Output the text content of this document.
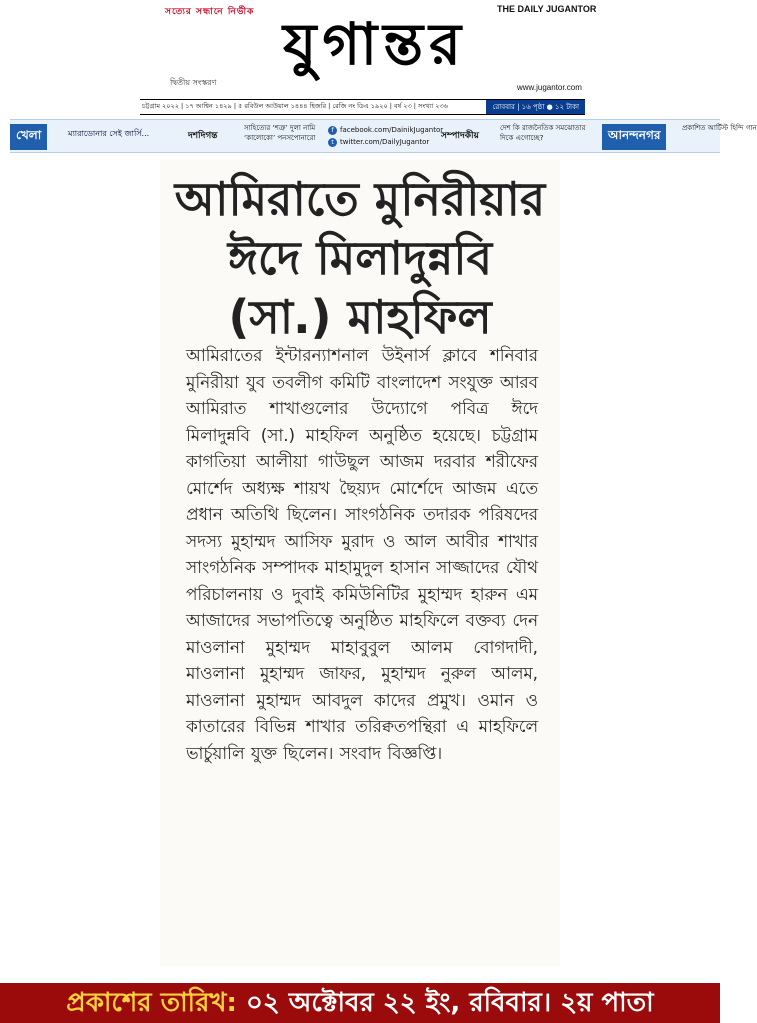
সত্যের সন্ধানে নির্ভীক	THE DAILY JUGANTOR
যুগান্তর
দ্বিতীয় সংস্করণ
www.jugantor.com
চট্টগ্রাম ২০২২ | ১৭ আশ্বিন ১৪২৯ | ৫ রবিউল আউয়াল ১৪৪৪ হিজরি | রেজি নং ডিএ ১৯২০ | বর্ষ ২৩ | সংখ্যা ২৩৬	রোববার | ১৬ পৃষ্ঠা ● ১২ টাকা
খেলা	ম্যারাডোনার সেই জার্সি...	দশদিগন্ত
সাহিত্যের ‘শত্রু’ দুলা নামি ‘কালোকো’ পনসপোনারো
f facebook.com/DainikJugantor
t twitter.com/DailyJugantor
সম্পাদকীয়
দেশ কি রাজনৈতিক সমঝোতার দিকে এগোচ্ছে?	আনন্দনগর	প্রকাশিত আর্টিস্ট হিন্দি গান
আমিরাতে মুনিরীয়ার
ঈদে মিলাদুন্নবি
(সা.) মাহফিল
আমিরাতের ইন্টারন্যাশনাল উইনার্স ক্লাবে শনিবার মুনিরীয়া যুব তবলীগ কমিটি বাংলাদেশ সংযুক্ত আরব আমিরাত শাখাগুলোর উদ্যোগে পবিত্র ঈদে মিলাদুন্নবি (সা.) মাহফিল অনুষ্ঠিত হয়েছে। চট্টগ্রাম কাগতিয়া আলীয়া গাউছুল আজম দরবার শরীফের মোর্শেদ অধ্যক্ষ শায়খ ছৈয়্যদ মোর্শেদে আজম এতে প্রধান অতিথি ছিলেন। সাংগঠনিক তদারক পরিষদের সদস্য মুহাম্মদ আসিফ মুরাদ ও আল আবীর শাখার সাংগঠনিক সম্পাদক মাহামুদুল হাসান সাজ্জাদের যৌথ পরিচালনায় ও দুবাই কমিউনিটির মুহাম্মদ হারুন এম আজাদের সভাপতিত্বে অনুষ্ঠিত মাহফিলে বক্তব্য দেন মাওলানা মুহাম্মদ মাহাবুবুল আলম বোগদাদী, মাওলানা মুহাম্মদ জাফর, মুহাম্মদ নুরুল আলম, মাওলানা মুহাম্মদ আবদুল কাদের প্রমুখ। ওমান ও কাতারের বিভিন্ন শাখার তরিক্বতপন্থিরা এ মাহফিলে ভার্চুয়ালি যুক্ত ছিলেন। সংবাদ বিজ্ঞপ্তি।
প্রকাশের তারিখ: ০২ অক্টোবর ২২ ইং, রবিবার। ২য় পাতা
